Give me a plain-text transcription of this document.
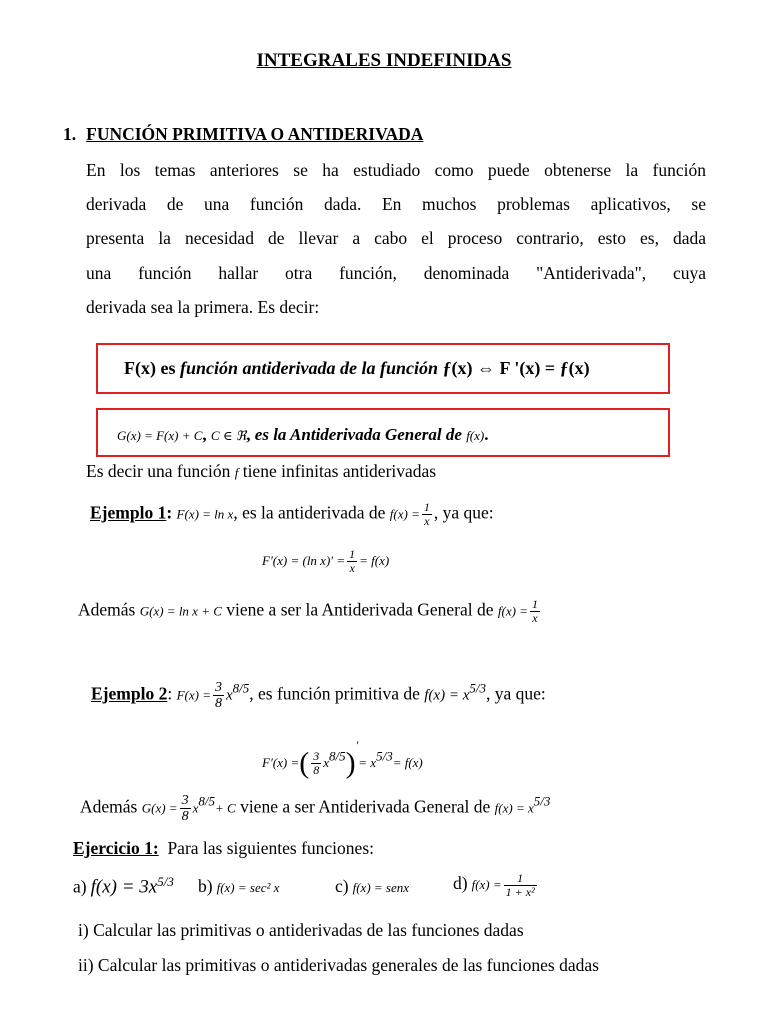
INTEGRALES INDEFINIDAS
1. FUNCIÓN PRIMITIVA O ANTIDERIVADA
En los temas anteriores se ha estudiado como puede obtenerse la función
derivada de una función dada. En muchos problemas aplicativos, se
presenta la necesidad de llevar a cabo el proceso contrario, esto es, dada
una función hallar otra función, denominada "Antiderivada", cuya
derivada sea la primera. Es decir:
F(x) es función antiderivada de la función ƒ(x) ⇔ F '(x) = ƒ(x)
G(x) = F(x) + C, C ∈ ℜ, es la Antiderivada General de f(x).
Es decir una función f tiene infinitas antiderivadas
Ejemplo 1: F(x) = ln x, es la antiderivada de $f(x) = \frac{1}{x}$ , ya que:
F′(x) = (ln $x)' = \frac{1}{x} = f(x)$
Además G(x) = ln x + C viene a ser la Antiderivada General de $f(x) = \frac{1}{x}$
Ejemplo 2: $F(x) = \frac{3}{8} x^{8/5}$, es función primitiva de $f(x) = x^{5/3}$, ya que:
F′(x) =( $\frac{3}{8} x^{8/5})'= x^{5/3}= f(x)$
Además $G(x) = \frac{3}{8} x^{8/5}+ C$ viene a ser Antiderivada General de $f(x) = x^{5/3}$
Ejercicio 1: Para las siguientes funciones:
a) $f(x) = 3x^{5/3}$ b) f(x) = sec² x	c) f(x) = senx	d) $f(x) = \frac{1}{\text{1 + x²}}$
i) Calcular las primitivas o antiderivadas de las funciones dadas
ii) Calcular las primitivas o antiderivadas generales de las funciones dadas
